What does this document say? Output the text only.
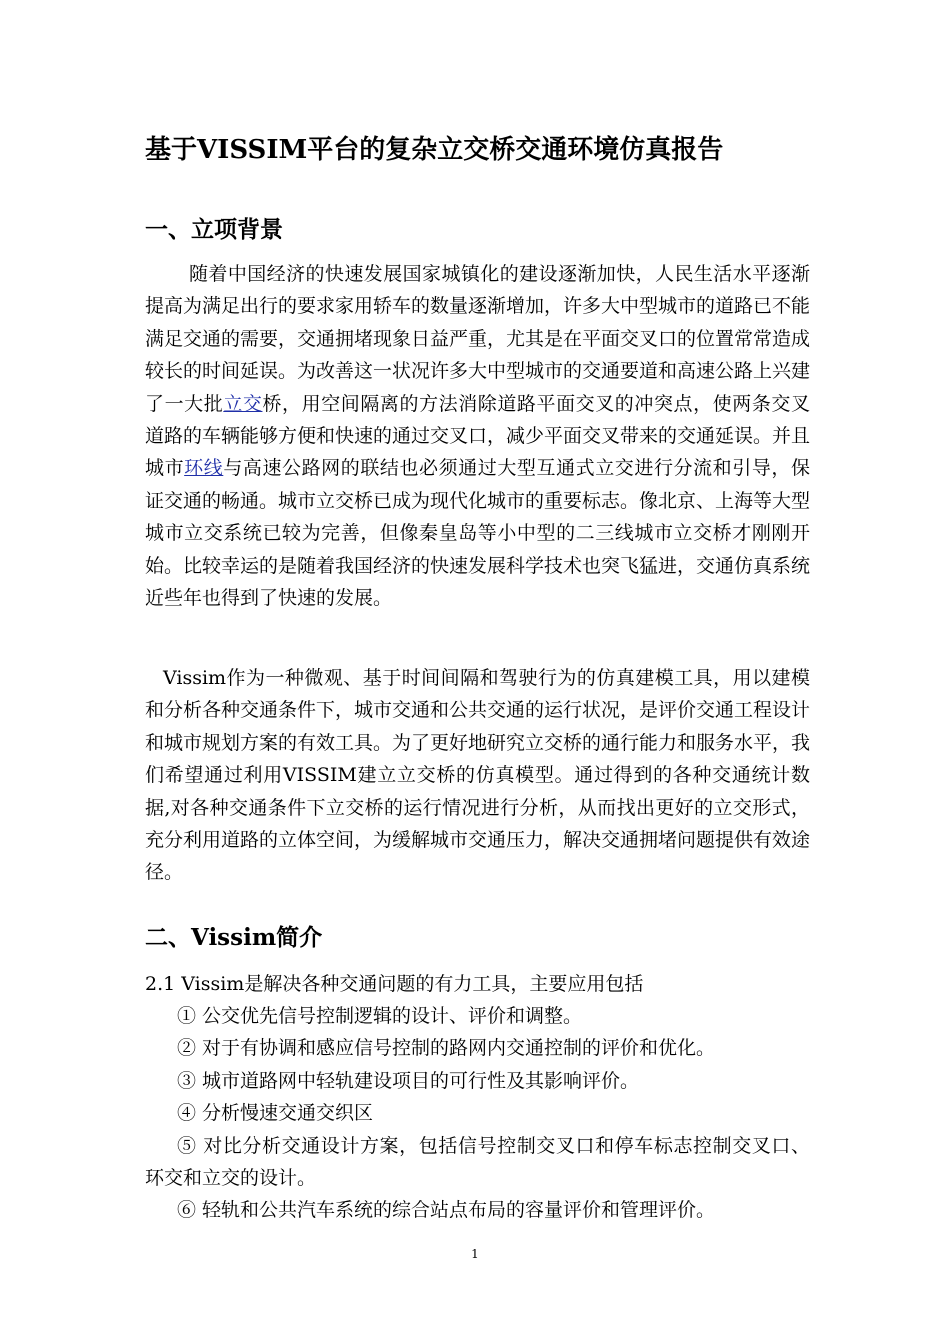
基于VISSIM平台的复杂立交桥交通环境仿真报告
一、立项背景

随着中国经济的快速发展国家城镇化的建设逐渐加快，人民生活水平逐渐提高为满足出行的要求家用轿车的数量逐渐增加，许多大中型城市的道路已不能满足交通的需要，交通拥堵现象日益严重，尤其是在平面交叉口的位置常常造成较长的时间延误。为改善这一状况许多大中型城市的交通要道和高速公路上兴建了一大批立交桥，用空间隔离的方法消除道路平面交叉的冲突点，使两条交叉道路的车辆能够方便和快速的通过交叉口，减少平面交叉带来的交通延误。并且城市环线与高速公路网的联结也必须通过大型互通式立交进行分流和引导，保证交通的畅通。城市立交桥已成为现代化城市的重要标志。像北京、上海等大型城市立交系统已较为完善，但像秦皇岛等小中型的二三线城市立交桥才刚刚开始。比较幸运的是随着我国经济的快速发展科学技术也突飞猛进，交通仿真系统近些年也得到了快速的发展。

Vissim作为一种微观、基于时间间隔和驾驶行为的仿真建模工具，用以建模和分析各种交通条件下，城市交通和公共交通的运行状况，是评价交通工程设计和城市规划方案的有效工具。为了更好地研究立交桥的通行能力和服务水平，我们希望通过利用VISSIM建立立交桥的仿真模型。通过得到的各种交通统计数据,对各种交通条件下立交桥的运行情况进行分析，从而找出更好的立交形式，充分利用道路的立体空间，为缓解城市交通压力，解决交通拥堵问题提供有效途径。

二、Vissim简介

2.1 Vissim是解决各种交通问题的有力工具，主要应用包括

① 公交优先信号控制逻辑的设计、评价和调整。
② 对于有协调和感应信号控制的路网内交通控制的评价和优化。
③ 城市道路网中轻轨建设项目的可行性及其影响评价。
④ 分析慢速交通交织区
⑤ 对比分析交通设计方案，包括信号控制交叉口和停车标志控制交叉口、环交和立交的设计。
⑥ 轻轨和公共汽车系统的综合站点布局的容量评价和管理评价。
1
